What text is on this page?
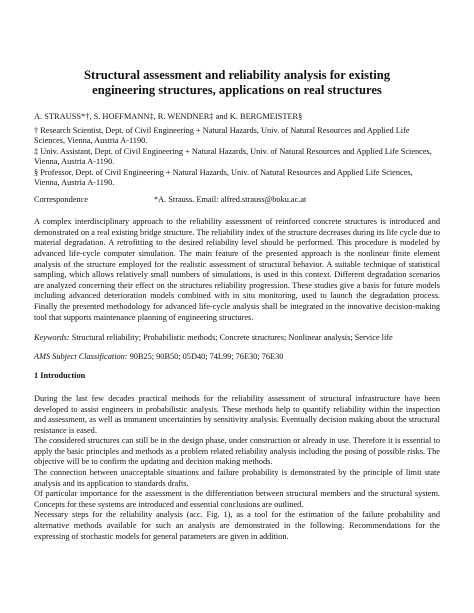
Structural assessment and reliability analysis for existing
engineering structures, applications on real structures

A. STRAUSS*†, S. HOFFMANN‡, R. WENDNER‡ and K. BERGMEISTER§

† Research Scientist, Dept. of Civil Engineering + Natural Hazards, Univ. of Natural Resources and Applied Life Sciences, Vienna, Austria A-1190.

‡ Univ. Assistant, Dept. of Civil Engineering + Natural Hazards, Univ. of Natural Resources and Applied Life Sciences, Vienna, Austria A-1190.

§ Professor, Dept. of Civil Engineering + Natural Hazards, Univ. of Natural Resources and Applied Life Sciences, Vienna, Austria A-1190.

Correspondence	*A. Strauss. Email: alfred.strauss@boku.ac.at

A complex interdisciplinary approach to the reliability assessment of reinforced concrete structures is introduced and demonstrated on a real existing bridge structure. The reliability index of the structure decreases during its life cycle due to material degradation. A retrofitting to the desired reliability level should be performed. This procedure is modeled by advanced life-cycle computer simulation. The main feature of the presented approach is the nonlinear finite element analysis of the structure employed for the realistic assessment of structural behavior. A suitable technique of statistical sampling, which allows relatively small numbers of simulations, is used in this context. Different degradation scenarios are analyzed concerning their effect on the structures reliability progression. These studies give a basis for future models including advanced deterioration models combined with in situ monitoring, used to launch the degradation process. Finally the presented methodology for advanced life-cycle analysis shall be integrated in the innovative decision-making tool that supports maintenance planning of engineering structures.

Keywords: Structural reliability; Probabilistic methods; Concrete structures; Nonlinear analysis; Service life

AMS Subject Classification: 90B25; 90B50; 05D40; 74L99; 76E30; 76E30

1 Introduction

During the last few decades practical methods for the reliability assessment of structural infrastructure have been developed to assist engineers in probabilistic analysis. These methods help to quantify reliability within the inspection and assessment, as well as immanent uncertainties by sensitivity analysis. Eventually decision making about the structural resistance is eased.

The considered structures can still be in the design phase, under construction or already in use. Therefore it is essential to apply the basic principles and methods as a problem related reliability analysis including the posing of possible risks. The objective will be to confirm the updating and decision making methods.

The connection between unacceptable situations and failure probability is demonstrated by the principle of limit state analysis and its application to standards drafts.

Of particular importance for the assessment is the differentiation between structural members and the structural system. Concepts for these systems are introduced and essential conclusions are outlined.

Necessary steps for the reliability analysis (acc. Fig. 1), as a tool for the estimation of the failure probability and alternative methods available for such an analysis are demonstrated in the following. Recommendations for the expressing of stochastic models for general parameters are given in addition.
